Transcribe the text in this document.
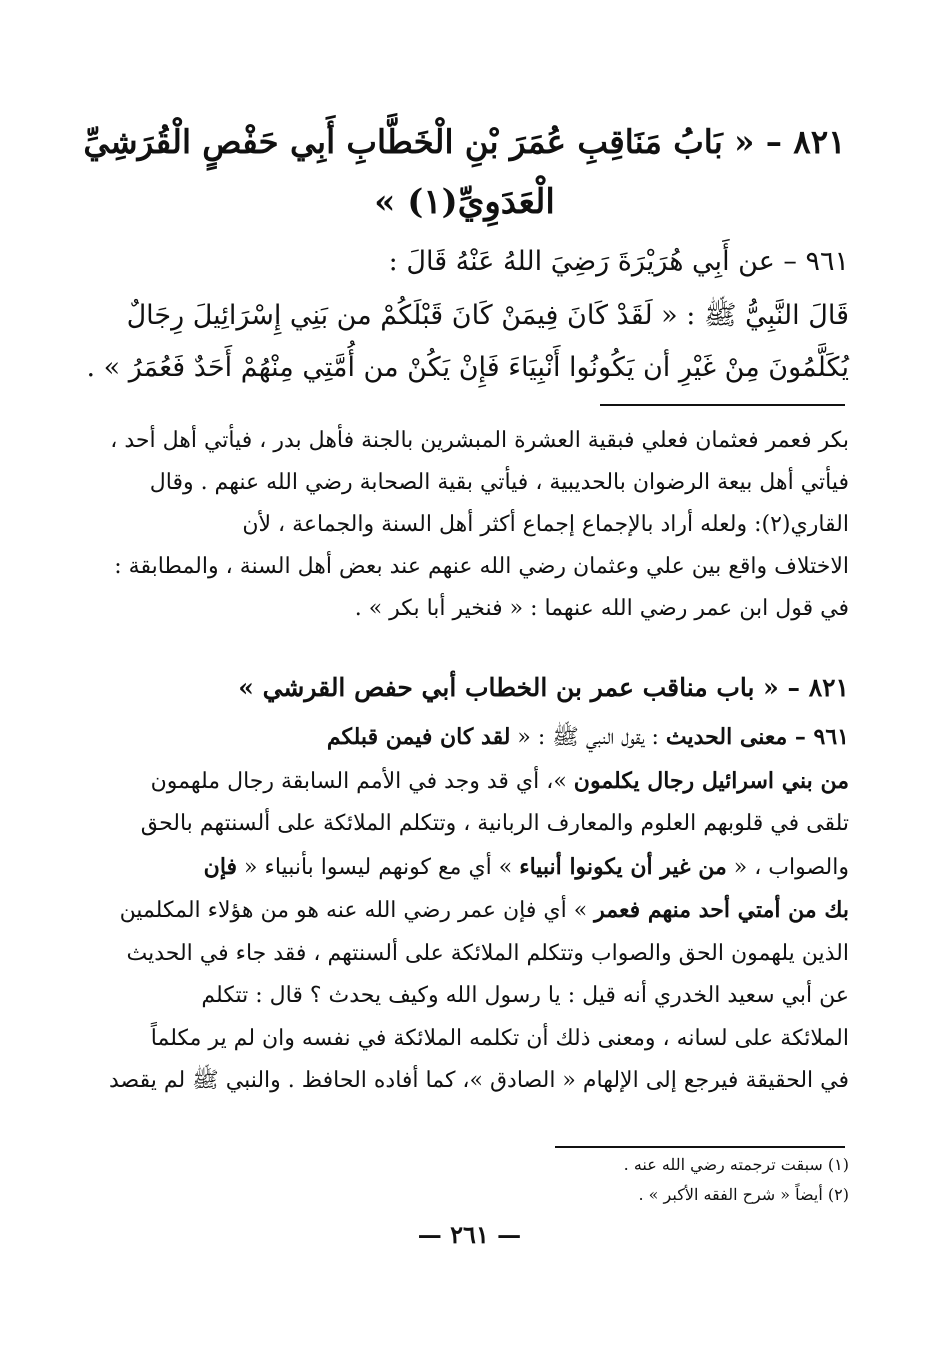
٨٢١ – « بَابُ مَنَاقِبِ عُمَرَ بْنِ الْخَطَّابِ أَبِي حَفْصٍ الْقُرَشِيِّ
الْعَدَوِيِّ(١) »
٩٦١ – عن أَبِي هُرَيْرَةَ رَضِيَ اللهُ عَنْهُ قَالَ :
قَالَ النَّبِيُّ ﷺ : « لَقَدْ كَانَ فِيمَنْ كَانَ قَبْلَكُمْ من بَنِي إِسْرَائِيلَ رِجَالٌ
يُكَلَّمُونَ مِنْ غَيْرِ أن يَكُونُوا أَنْبِيَاءَ فَإِنْ يَكُنْ من أُمَّتِي مِنْهُمْ أَحَدٌ فَعُمَرُ » .
بكر فعمر فعثمان فعلي فبقية العشرة المبشرين بالجنة فأهل بدر ، فيأتي أهل أحد ،
فيأتي أهل بيعة الرضوان بالحديبية ، فيأتي بقية الصحابة رضي الله عنهم . وقال
القاري(٢): ولعله أراد بالإجماع إجماع أكثر أهل السنة والجماعة ، لأن
الاختلاف واقع بين علي وعثمان رضي الله عنهم عند بعض أهل السنة ، والمطابقة :
في قول ابن عمر رضي الله عنهما : « فنخير أبا بكر » .
٨٢١ – « باب مناقب عمر بن الخطاب أبي حفص القرشي »
٩٦١ – معنى الحديث : يقول النبي ﷺ : « لقد كان فيمن قبلكم
من بني اسرائيل رجال يكلمون »، أي قد وجد في الأمم السابقة رجال ملهمون
تلقى في قلوبهم العلوم والمعارف الربانية ، وتتكلم الملائكة على ألسنتهم بالحق
والصواب ، « من غير أن يكونوا أنبياء » أي مع كونهم ليسوا بأنبياء « فإن
بك من أمتي أحد منهم فعمر » أي فإن عمر رضي الله عنه هو من هؤلاء المكلمين
الذين يلهمون الحق والصواب وتتكلم الملائكة على ألسنتهم ، فقد جاء في الحديث
عن أبي سعيد الخدري أنه قيل : يا رسول الله وكيف يحدث ؟ قال : تتكلم
الملائكة على لسانه ، ومعنى ذلك أن تكلمه الملائكة في نفسه وان لم ير مكلماً
في الحقيقة فيرجع إلى الإلهام « الصادق »، كما أفاده الحافظ . والنبي ﷺ لم يقصد
(١) سبقت ترجمته رضي الله عنه .
(٢) أيضاً « شرح الفقه الأكبر » .
— ٢٦١ —
